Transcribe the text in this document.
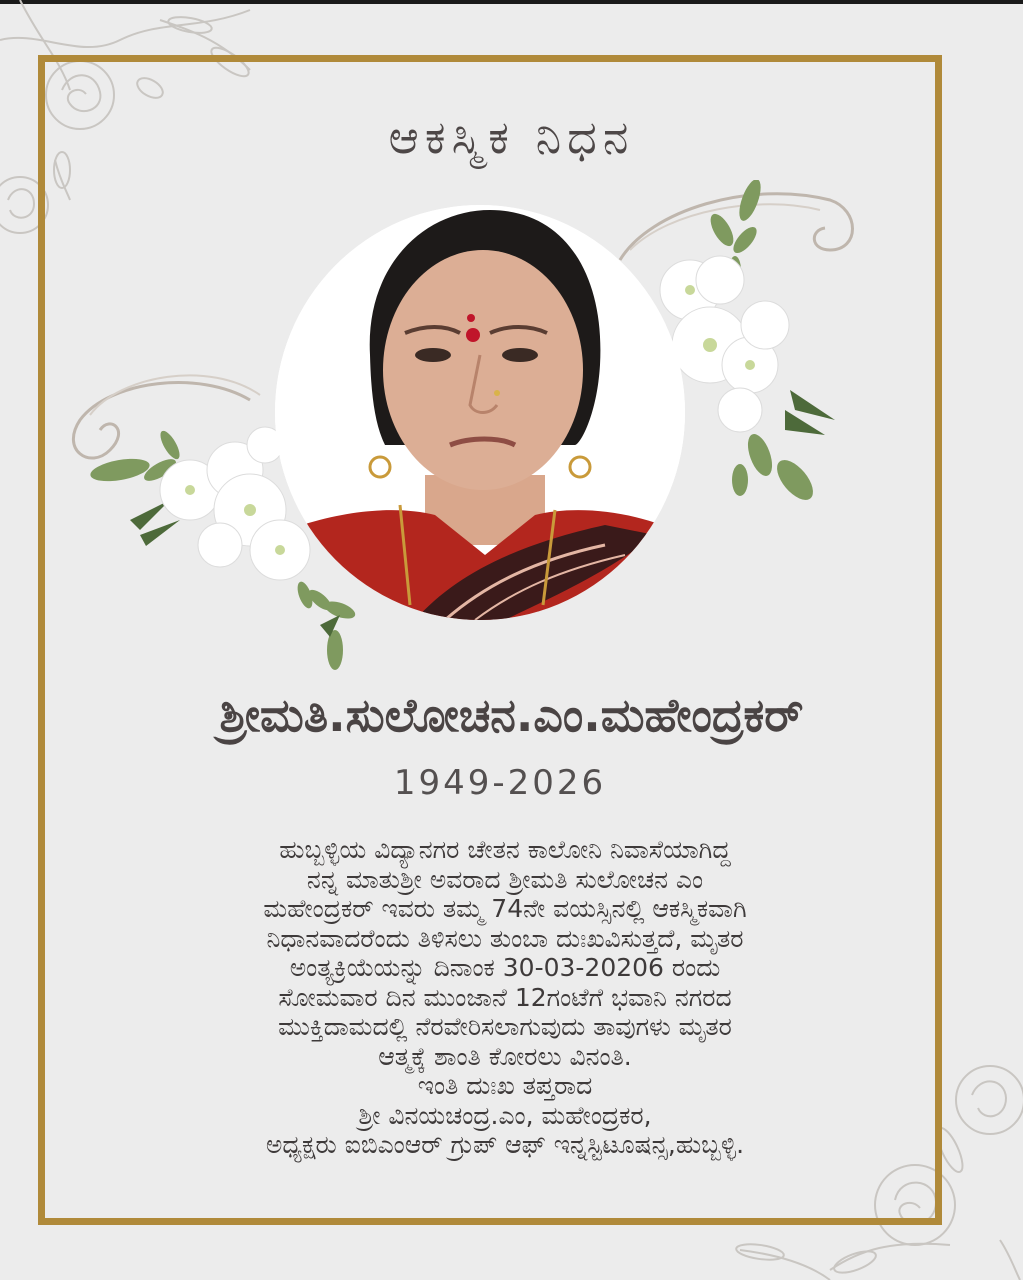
ಆಕಸ್ಮಿಕ ನಿಧನ
ಶ್ರೀಮತಿ.ಸುಲೋಚನ.ಎಂ.ಮಹೇಂದ್ರಕರ್
1949-2026
ಹುಬ್ಬಳ್ಳಿಯ ವಿದ್ಯಾನಗರ ಚೇತನ ಕಾಲೋನಿ ನಿವಾಸೆಯಾಗಿದ್ದ
ನನ್ನ ಮಾತುಶ್ರೀ ಅವರಾದ ಶ್ರೀಮತಿ ಸುಲೋಚನ ಎಂ
ಮಹೇಂದ್ರಕರ್ ಇವರು ತಮ್ಮ 74ನೇ ವಯಸ್ಸಿನಲ್ಲಿ ಆಕಸ್ಮಿಕವಾಗಿ
ನಿಧಾನವಾದರೆಂದು ತಿಳಿಸಲು ತುಂಬಾ ದುಃಖವಿಸುತ್ತದೆ, ಮೃತರ
ಅಂತ್ಯಕ್ರಿಯೆಯನ್ನು ದಿನಾಂಕ 30-03-20206 ರಂದು
ಸೋಮವಾರ ದಿನ ಮುಂಜಾನೆ 12ಗಂಟೆಗೆ ಭವಾನಿ ನಗರದ
ಮುಕ್ತಿದಾಮದಲ್ಲಿ ನೆರವೇರಿಸಲಾಗುವುದು ತಾವುಗಳು ಮೃತರ
ಆತ್ಮಕ್ಕೆ ಶಾಂತಿ ಕೋರಲು ವಿನಂತಿ.
ಇಂತಿ ದುಃಖ ತಪ್ತರಾದ
ಶ್ರೀ ವಿನಯಚಂದ್ರ.ಎಂ, ಮಹೇಂದ್ರಕರ,
ಅಧ್ಯಕ್ಷರು ಐಬಿಎಂಆರ್ ಗ್ರುಪ್ ಆಫ್ ಇನ್ನಸ್ಟಿಟೂಷನ್ಸ,ಹುಬ್ಬಳ್ಳಿ.
